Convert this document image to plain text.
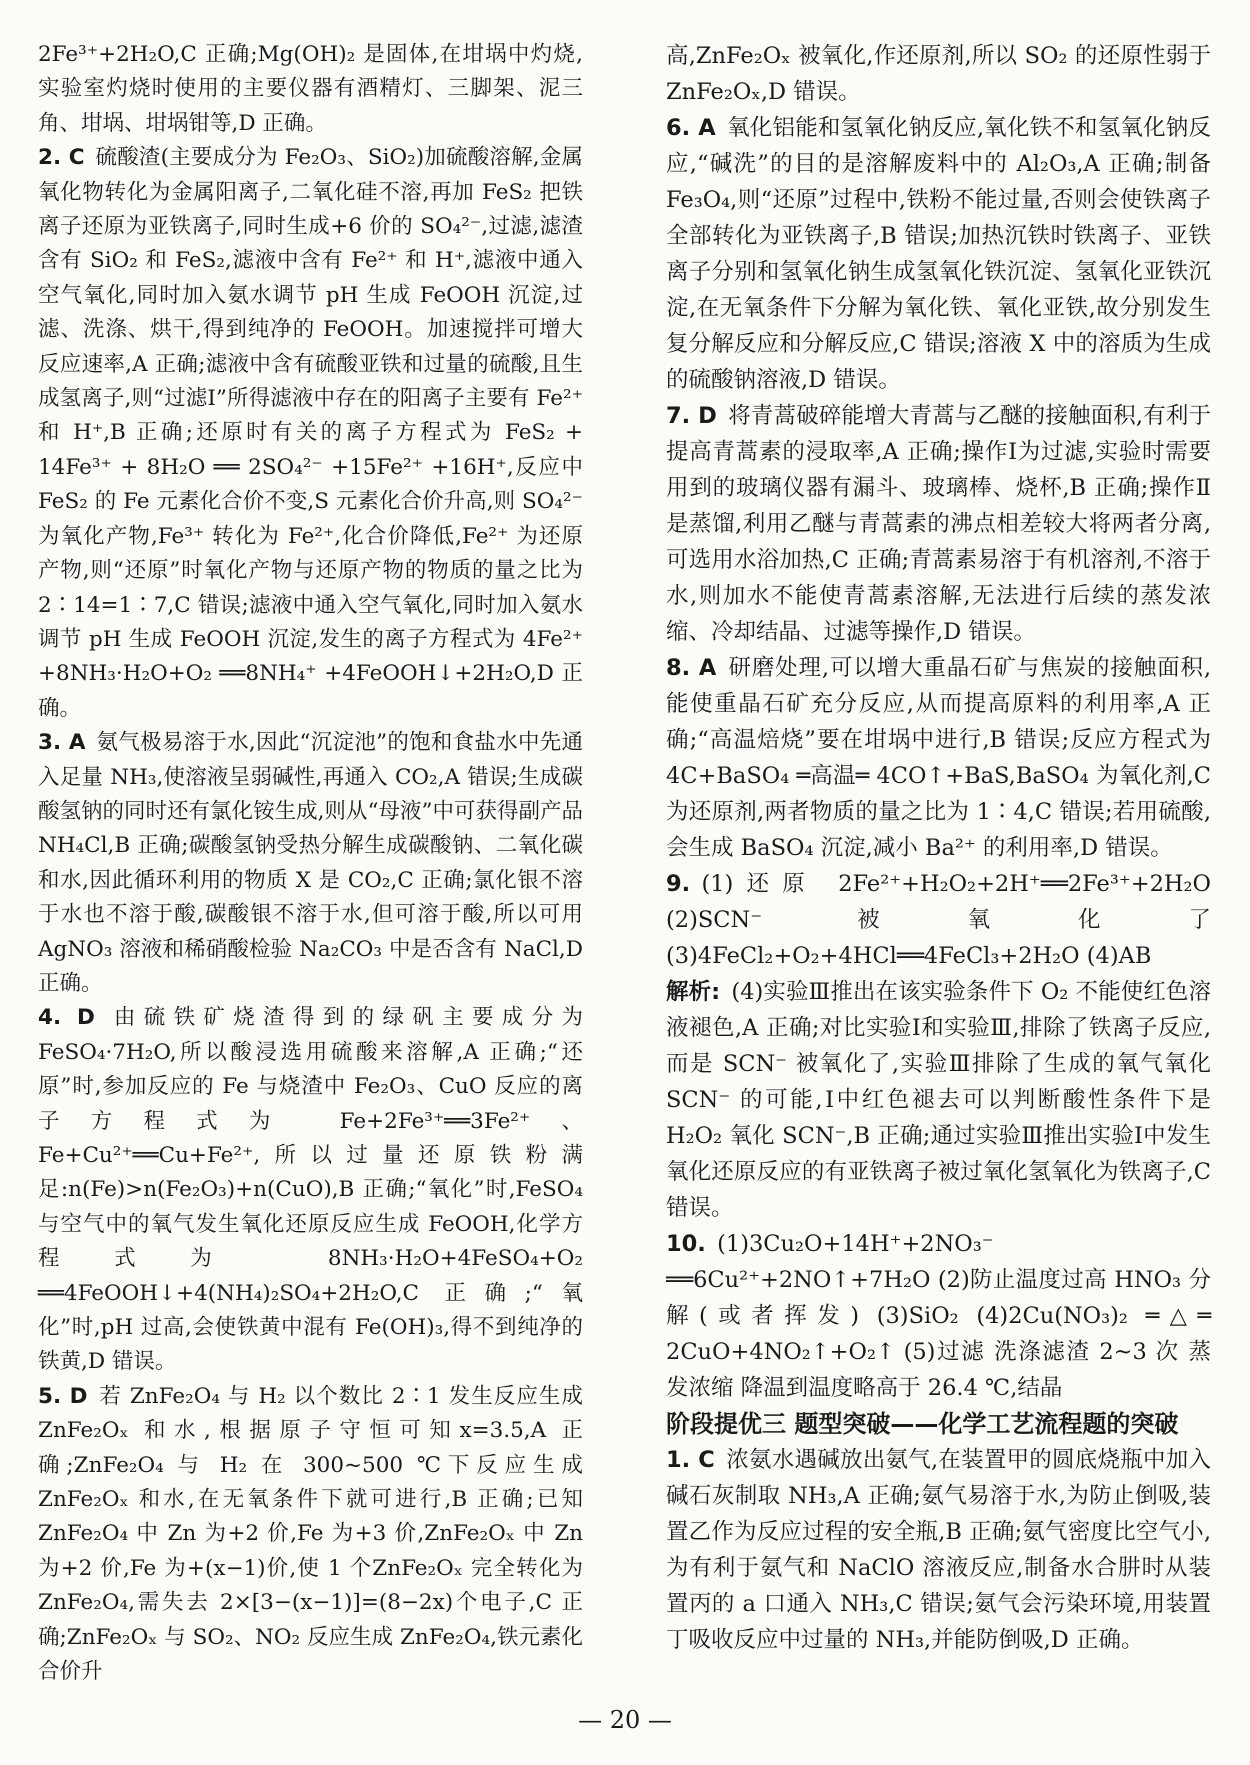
2Fe³⁺+2H₂O,C 正确;Mg(OH)₂ 是固体,在坩埚中灼烧,实验室灼烧时使用的主要仪器有酒精灯、三脚架、泥三角、坩埚、坩埚钳等,D 正确。

2. C  硫酸渣(主要成分为 Fe₂O₃、SiO₂)加硫酸溶解,金属氧化物转化为金属阳离子,二氧化硅不溶,再加 FeS₂ 把铁离子还原为亚铁离子,同时生成+6 价的 SO₄²⁻,过滤,滤渣含有 SiO₂ 和 FeS₂,滤液中含有 Fe²⁺ 和 H⁺,滤液中通入空气氧化,同时加入氨水调节 pH 生成 FeOOH 沉淀,过滤、洗涤、烘干,得到纯净的 FeOOH。加速搅拌可增大反应速率,A 正确;滤液中含有硫酸亚铁和过量的硫酸,且生成氢离子,则“过滤Ⅰ”所得滤液中存在的阳离子主要有 Fe²⁺ 和 H⁺,B 正确;还原时有关的离子方程式为 FeS₂ + 14Fe³⁺ + 8H₂O ══ 2SO₄²⁻ +15Fe²⁺ +16H⁺,反应中 FeS₂ 的 Fe 元素化合价不变,S 元素化合价升高,则 SO₄²⁻ 为氧化产物,Fe³⁺ 转化为 Fe²⁺,化合价降低,Fe²⁺ 为还原产物,则“还原”时氧化产物与还原产物的物质的量之比为 2∶14=1∶7,C 错误;滤液中通入空气氧化,同时加入氨水调节 pH 生成 FeOOH 沉淀,发生的离子方程式为 4Fe²⁺ +8NH₃·H₂O+O₂ ══8NH₄⁺ +4FeOOH↓+2H₂O,D 正确。

3. A  氨气极易溶于水,因此“沉淀池”的饱和食盐水中先通入足量 NH₃,使溶液呈弱碱性,再通入 CO₂,A 错误;生成碳酸氢钠的同时还有氯化铵生成,则从“母液”中可获得副产品 NH₄Cl,B 正确;碳酸氢钠受热分解生成碳酸钠、二氧化碳和水,因此循环利用的物质 X 是 CO₂,C 正确;氯化银不溶于水也不溶于酸,碳酸银不溶于水,但可溶于酸,所以可用 AgNO₃ 溶液和稀硝酸检验 Na₂CO₃ 中是否含有 NaCl,D 正确。

4. D  由硫铁矿烧渣得到的绿矾主要成分为 FeSO₄·7H₂O,所以酸浸选用硫酸来溶解,A 正确;“还原”时,参加反应的 Fe 与烧渣中 Fe₂O₃、CuO 反应的离子方程式为 Fe+2Fe³⁺══3Fe²⁺、Fe+Cu²⁺══Cu+Fe²⁺,所以过量还原铁粉满足:n(Fe)>n(Fe₂O₃)+n(CuO),B 正确;“氧化”时,FeSO₄ 与空气中的氧气发生氧化还原反应生成 FeOOH,化学方程式为 8NH₃·H₂O+4FeSO₄+O₂ ══4FeOOH↓+4(NH₄)₂SO₄+2H₂O,C 正确;“氧化”时,pH 过高,会使铁黄中混有 Fe(OH)₃,得不到纯净的铁黄,D 错误。

5. D  若 ZnFe₂O₄ 与 H₂ 以个数比 2∶1 发生反应生成 ZnFe₂Oₓ 和水,根据原子守恒可知x=3.5,A 正确;ZnFe₂O₄ 与 H₂ 在 300~500 ℃下反应生成 ZnFe₂Oₓ 和水,在无氧条件下就可进行,B 正确;已知 ZnFe₂O₄ 中 Zn 为+2 价,Fe 为+3 价,ZnFe₂Oₓ 中 Zn 为+2 价,Fe 为+(x−1)价,使 1 个ZnFe₂Oₓ 完全转化为 ZnFe₂O₄,需失去 2×[3−(x−1)]=(8−2x)个电子,C 正确;ZnFe₂Oₓ 与 SO₂、NO₂ 反应生成 ZnFe₂O₄,铁元素化合价升

高,ZnFe₂Oₓ 被氧化,作还原剂,所以 SO₂ 的还原性弱于 ZnFe₂Oₓ,D 错误。

6. A  氧化铝能和氢氧化钠反应,氧化铁不和氢氧化钠反应,“碱洗”的目的是溶解废料中的 Al₂O₃,A 正确;制备 Fe₃O₄,则“还原”过程中,铁粉不能过量,否则会使铁离子全部转化为亚铁离子,B 错误;加热沉铁时铁离子、亚铁离子分别和氢氧化钠生成氢氧化铁沉淀、氢氧化亚铁沉淀,在无氧条件下分解为氧化铁、氧化亚铁,故分别发生复分解反应和分解反应,C 错误;溶液 X 中的溶质为生成的硫酸钠溶液,D 错误。

7. D  将青蒿破碎能增大青蒿与乙醚的接触面积,有利于提高青蒿素的浸取率,A 正确;操作Ⅰ为过滤,实验时需要用到的玻璃仪器有漏斗、玻璃棒、烧杯,B 正确;操作Ⅱ是蒸馏,利用乙醚与青蒿素的沸点相差较大将两者分离,可选用水浴加热,C 正确;青蒿素易溶于有机溶剂,不溶于水,则加水不能使青蒿素溶解,无法进行后续的蒸发浓缩、冷却结晶、过滤等操作,D 错误。

8. A  研磨处理,可以增大重晶石矿与焦炭的接触面积,能使重晶石矿充分反应,从而提高原料的利用率,A 正确;“高温焙烧”要在坩埚中进行,B 错误;反应方程式为 4C+BaSO₄ ═高温═ 4CO↑+BaS,BaSO₄ 为氧化剂,C 为还原剂,两者物质的量之比为 1∶4,C 错误;若用硫酸,会生成 BaSO₄ 沉淀,减小 Ba²⁺ 的利用率,D 错误。

9.  (1)还原 2Fe²⁺+H₂O₂+2H⁺══2Fe³⁺+2H₂O (2)SCN⁻ 被氧化了 (3)4FeCl₂+O₂+4HCl══4FeCl₃+2H₂O (4)AB

解析:  (4)实验Ⅲ推出在该实验条件下 O₂ 不能使红色溶液褪色,A 正确;对比实验Ⅰ和实验Ⅲ,排除了铁离子反应,而是 SCN⁻ 被氧化了,实验Ⅲ排除了生成的氧气氧化 SCN⁻ 的可能,Ⅰ中红色褪去可以判断酸性条件下是 H₂O₂ 氧化 SCN⁻,B 正确;通过实验Ⅲ推出实验Ⅰ中发生氧化还原反应的有亚铁离子被过氧化氢氧化为铁离子,C 错误。

10.  (1)3Cu₂O+14H⁺+2NO₃⁻ ══6Cu²⁺+2NO↑+7H₂O (2)防止温度过高 HNO₃ 分解(或者挥发) (3)SiO₂ (4)2Cu(NO₃)₂ ═△═ 2CuO+4NO₂↑+O₂↑ (5)过滤 洗涤滤渣 2~3 次 蒸发浓缩 降温到温度略高于 26.4 ℃,结晶

阶段提优三 题型突破——化学工艺流程题的突破

1. C  浓氨水遇碱放出氨气,在装置甲的圆底烧瓶中加入碱石灰制取 NH₃,A 正确;氨气易溶于水,为防止倒吸,装置乙作为反应过程的安全瓶,B 正确;氨气密度比空气小,为有利于氨气和 NaClO 溶液反应,制备水合肼时从装置丙的 a 口通入 NH₃,C 错误;氨气会污染环境,用装置丁吸收反应中过量的 NH₃,并能防倒吸,D 正确。

— 20 —
